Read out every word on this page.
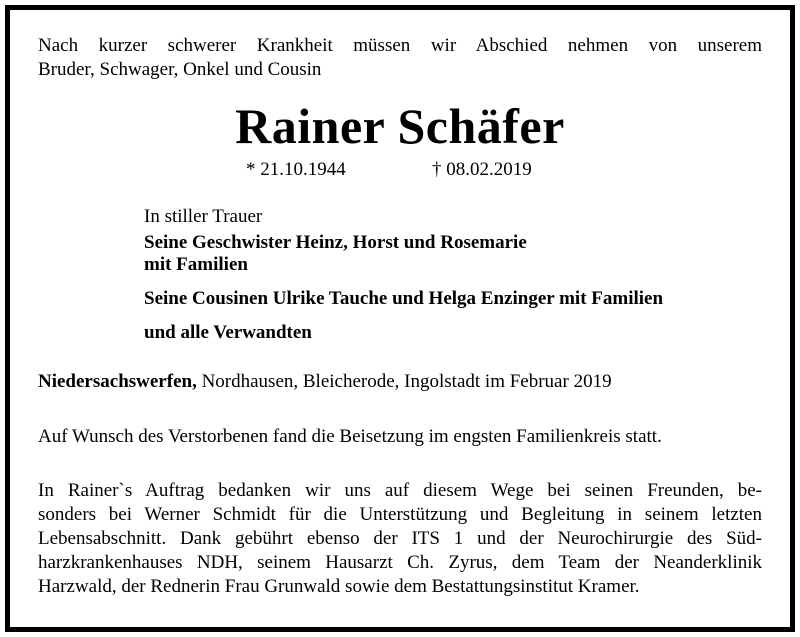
Nach kurzer schwerer Krankheit müssen wir Abschied nehmen von unserem
Bruder, Schwager, Onkel und Cousin
Rainer Schäfer
* 21.10.1944	† 08.02.2019
In stiller Trauer
Seine Geschwister Heinz, Horst und Rosemarie
mit Familien
Seine Cousinen Ulrike Tauche und Helga Enzinger mit Familien
und alle Verwandten
Niedersachswerfen, Nordhausen, Bleicherode, Ingolstadt im Februar 2019
Auf Wunsch des Verstorbenen fand die Beisetzung im engsten Familienkreis statt.
In Rainer`s Auftrag bedanken wir uns auf diesem Wege bei seinen Freunden, be-
sonders bei Werner Schmidt für die Unterstützung und Begleitung in seinem letzten
Lebensabschnitt. Dank gebührt ebenso der ITS 1 und der Neurochirurgie des Süd-
harzkrankenhauses NDH, seinem Hausarzt Ch. Zyrus, dem Team der Neanderklinik
Harzwald, der Rednerin Frau Grunwald sowie dem Bestattungsinstitut Kramer.
